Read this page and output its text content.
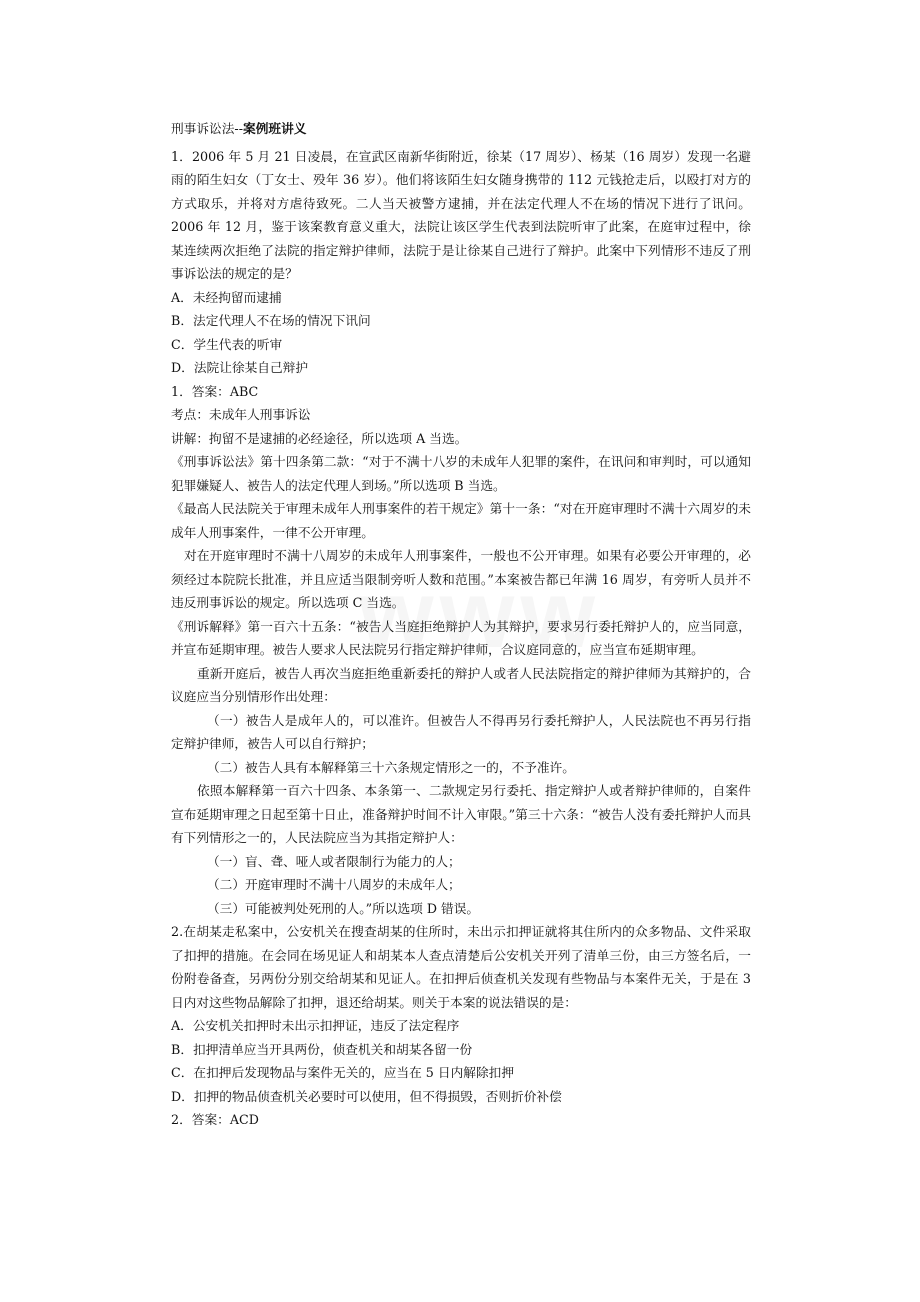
刑事诉讼法--案例班讲义

1．2006 年 5 月 21 日凌晨，在宣武区南新华街附近，徐某（17 周岁）、杨某（16 周岁）发现一名避雨的陌生妇女（丁女士、殁年 36 岁）。他们将该陌生妇女随身携带的 112 元钱抢走后，以殴打对方的方式取乐，并将对方虐待致死。二人当天被警方逮捕，并在法定代理人不在场的情况下进行了讯问。2006 年 12 月，鉴于该案教育意义重大，法院让该区学生代表到法院听审了此案，在庭审过程中，徐某连续两次拒绝了法院的指定辩护律师，法院于是让徐某自己进行了辩护。此案中下列情形不违反了刑事诉讼法的规定的是？

A．未经拘留而逮捕

B．法定代理人不在场的情况下讯问

C．学生代表的听审

D．法院让徐某自己辩护

1．答案：ABC

考点：未成年人刑事诉讼

讲解：拘留不是逮捕的必经途径，所以选项 A 当选。

《刑事诉讼法》第十四条第二款：“对于不满十八岁的未成年人犯罪的案件，在讯问和审判时，可以通知犯罪嫌疑人、被告人的法定代理人到场。”所以选项 B 当选。

《最高人民法院关于审理未成年人刑事案件的若干规定》第十一条：“对在开庭审理时不满十六周岁的未成年人刑事案件，一律不公开审理。

对在开庭审理时不满十八周岁的未成年人刑事案件，一般也不公开审理。如果有必要公开审理的，必须经过本院院长批准，并且应适当限制旁听人数和范围。”本案被告都已年满 16 周岁，有旁听人员并不违反刑事诉讼的规定。所以选项 C 当选。

《刑诉解释》第一百六十五条：“被告人当庭拒绝辩护人为其辩护，要求另行委托辩护人的，应当同意，并宣布延期审理。被告人要求人民法院另行指定辩护律师，合议庭同意的，应当宣布延期审理。

重新开庭后，被告人再次当庭拒绝重新委托的辩护人或者人民法院指定的辩护律师为其辩护的，合议庭应当分别情形作出处理：

（一）被告人是成年人的，可以准许。但被告人不得再另行委托辩护人，人民法院也不再另行指定辩护律师，被告人可以自行辩护；

（二）被告人具有本解释第三十六条规定情形之一的，不予准许。

依照本解释第一百六十四条、本条第一、二款规定另行委托、指定辩护人或者辩护律师的，自案件宣布延期审理之日起至第十日止，准备辩护时间不计入审限。”第三十六条：“被告人没有委托辩护人而具有下列情形之一的，人民法院应当为其指定辩护人：

（一）盲、聋、哑人或者限制行为能力的人；

（二）开庭审理时不满十八周岁的未成年人；

（三）可能被判处死刑的人。”所以选项 D 错误。

2.在胡某走私案中，公安机关在搜查胡某的住所时，未出示扣押证就将其住所内的众多物品、文件采取了扣押的措施。在会同在场见证人和胡某本人查点清楚后公安机关开列了清单三份，由三方签名后，一份附卷备查，另两份分别交给胡某和见证人。在扣押后侦查机关发现有些物品与本案件无关，于是在 3 日内对这些物品解除了扣押，退还给胡某。则关于本案的说法错误的是：

A．公安机关扣押时未出示扣押证，违反了法定程序

B．扣押清单应当开具两份，侦查机关和胡某各留一份

C．在扣押后发现物品与案件无关的，应当在 5 日内解除扣押

D．扣押的物品侦查机关必要时可以使用，但不得损毁，否则折价补偿

2．答案：ACD
